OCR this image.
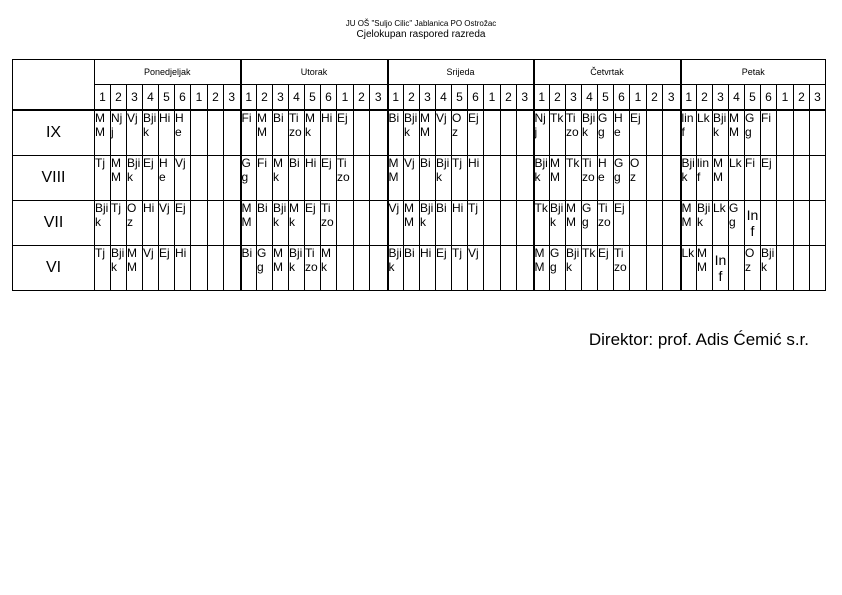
JU OŠ "Suljo Cilic" Jablanica PO Ostrožac
Cjelokupan raspored razreda
	Ponedjeljak									Utorak									Srijeda									Četvrtak									Petak								
	1	2	3	4	5	6	1	2	3	1	2	3	4	5	6	1	2	3	1	2	3	4	5	6	1	2	3	1	2	3	4	5	6	1	2	3	1	2	3	4	5	6	1	2	3
IX	MM	Nj j	Vj	Bji k	Hi	H e				Fi	M M	Bi	Ti zo	M k	Hi	Ej			Bi	Bji k	M M	Vj	O z	Ej				Nj j	Tk	Ti zo	Bji k	G g	H e	Ej			lin f	Lk	Bji k	M M	G g	Fi			
VIII	Tj	M M	Bji k	Ej	H e	Vj				G g	Fi	M k	Bi	Hi	Ej	Ti zo			M M	Vj	Bi	Bji k	Tj	Hi				Bji k	M M	Tk	Ti zo	H e	G g	O z			Bji k	lin f	M M	Lk	Fi	Ej			
VII	Bji k	Tj	O z	Hi	Vj	Ej				M M	Bi	Bji k	M k	Ej	Ti zo				Vj	M M	Bji k	Bi	Hi	Tj				Tk	Bji k	M M	G g	Ti zo	Ej				M M	Bji k	Lk	G g	Inf				
VI	Tj	Bji k	M M	Vj	Ej	Hi				Bi	G g	M M	Bji k	Ti zo	M k				Bji k	Bi	Hi	Ej	Tj	Vj				M M	G g	Bji k	Tk	Ej	Ti zo				Lk	M M	Inf		O z	Bji k			
Direktor: prof. Adis Ćemić s.r.
